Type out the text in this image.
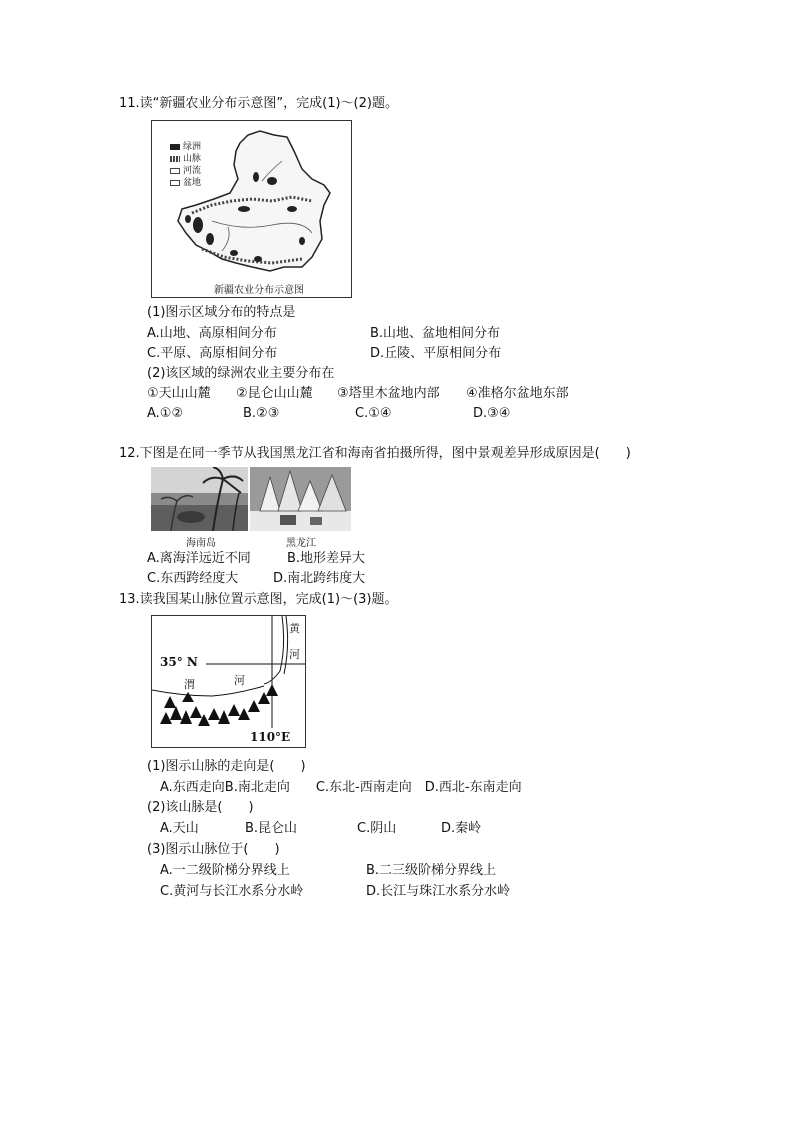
11.读“新疆农业分布示意图”，完成(1)～(2)题。
绿洲
山脉
河流
盆地
新疆农业分布示意图
(1)图示区域分布的特点是
A.山地、高原相间分布	B.山地、盆地相间分布
C.平原、高原相间分布	D.丘陵、平原相间分布
(2)该区域的绿洲农业主要分布在
①天山山麓 ②昆仑山山麓 ③塔里木盆地内部 ④准格尔盆地东部
A.①②	B.②③	C.①④	D.③④
12.下图是在同一季节从我国黑龙江省和海南省拍摄所得，图中景观差异形成原因是(　　)
海南岛	黑龙江
A.离海洋远近不同	B.地形差异大
C.东西跨经度大	D.南北跨纬度大
13.读我国某山脉位置示意图，完成(1)～(3)题。
35° N
110°E
渭	河
黄
河
(1)图示山脉的走向是(　　)
A.东西走向B.南北走向　　C.东北-西南走向　D.西北-东南走向
(2)该山脉是(　　)
A.天山	B.昆仑山	C.阴山	D.秦岭
(3)图示山脉位于(　　)
A.一二级阶梯分界线上	B.二三级阶梯分界线上
C.黄河与长江水系分水岭	D.长江与珠江水系分水岭
